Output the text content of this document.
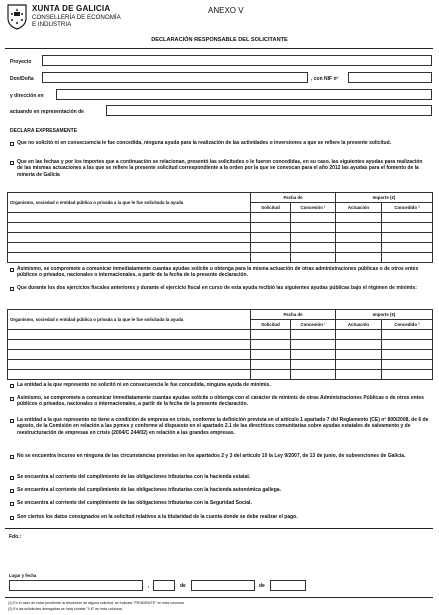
XUNTA DE GALICIA
CONSELLERÍA DE ECONOMÍA
E INDUSTRIA
ANEXO V
DECLARACIÓN RESPONSABLE DEL SOLICITANTE
Proyecto
Don/Doña	, con NIF nº
y dirección en
actuando en representación de
DECLARA EXPRESAMENTE
Que no solicitó ni en consecuencia le fue concedida, ninguna ayuda para la realización de las actividades o inversiones a que se refiere la presente solicitud.
Que en las fechas y por los importes que a continuación se relacionan, presentó las solicitudes o le fueron concedidas, en su caso, las siguientes ayudas para realización de las mismas actuaciones a las que se refiere la presente solicitud correspondiente a la orden por la que se convocan para el año 2012 las ayudas para el fomento de la minería de Galicia
Organismo, sociedad o entidad pública o privada a la que le fue solicitada la ayuda	Fecha de		Importe (€)	
	Solicitud	Concesión ¹	Actuación	Concedido ²

Asimismo, se compromete a comunicar inmediatamente cuantas ayudas solicite u obtenga para la misma actuación de otras administraciones públicas o de otros entes públicos o privados, nacionales o internacionales, a partir de la fecha de la presente declaración.
Que durante los dos ejercicios fiscales anteriores y durante el ejercicio fiscal en curso de esta ayuda recibió las siguientes ayudas públicas bajo el régimen de minimis:
Organismo, sociedad o entidad pública o privada a la que le fue solicitada la ayuda	Fecha de		Importe (€)	
	Solicitud	Concesión ¹	Actuación	Concedido ²

La entidad a la que represento no solicitó ni en consecuencia le fue concedida, ninguna ayuda de minimis.
Asimismo, se compromete a comunicar inmediatamente cuantas ayudas solicite u obtenga con el carácter de minimis de otras Administraciones Públicas o de otros entes públicos o privados, nacionales o internacionales, a partir de la fecha de la presente declaración.
La entidad a la que represento no tiene a condición de empresa en crisis, conforme la definición prevista en el artículo 1 apartado 7 del Reglamento (CE) nº 800/2008, de 6 de agosto, de la Comisión en relación a las pymes y conforme al dispuesto en el apartado 2.1 de las directrices comunitarias sobre ayudas estatales de salvamento y de reestructuración de empresas en crisis (2004/C 244/02) en relación a las grandes empresas.
No se encuentra incurso en ninguna de las circunstancias previstas en los apartados 2 y 3 del artículo 10 la Ley 9/2007, de 13 de junio, de subvenciones de Galicia.
Se encuentra al corriente del cumplimiento de las obligaciones tributarias con la hacienda estatal.
Se encuentra al corriente del cumplimiento de las obligaciones tributarias con la hacienda autonómica gallega.
Se encuentra al corriente del cumplimiento de las obligaciones tributarias con la Seguridad Social.
Son ciertos los datos consignados en la solicitud relativos a la titularidad de la cuenta donde se debe realizar el pago.
Fdo.:
Lugar y fecha
,	de	de
(1) En el caso de estar pendiente la resolución de alguna solicitud, se indicará "PENDIENTE" en esta columna.
(2) En las solicitudes denegadas se hará constar "0 €" en esta columna.
